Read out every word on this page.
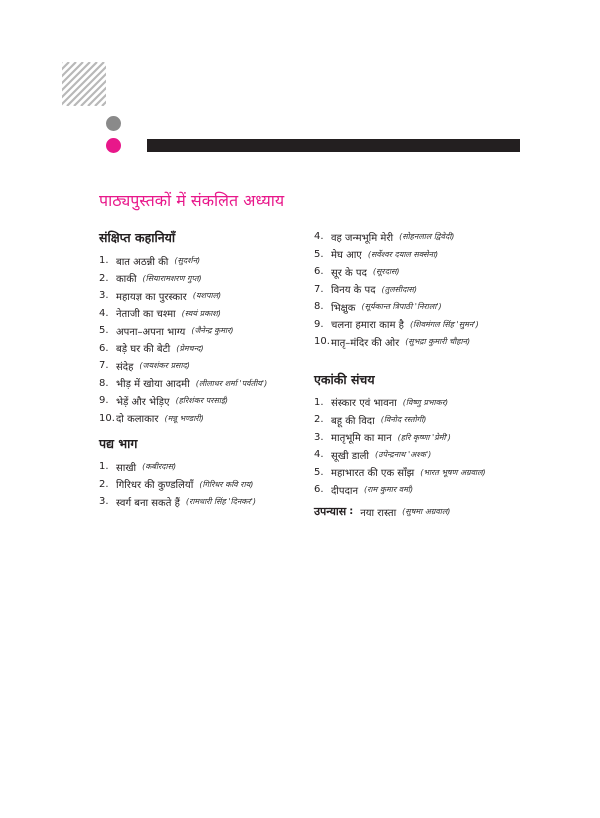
पाठ्यपुस्तकों में संकलित अध्याय
संक्षिप्त कहानियाँ
1. बात अठन्नी की (सुदर्शन)
2. काकी (सियारामशरण गुप्त)
3. महायज्ञ का पुरस्कार (यशपाल)
4. नेताजी का चश्मा (स्वयं प्रकाश)
5. अपना–अपना भाग्य (जैनेन्द्र कुमार)
6. बड़े घर की बेटी (प्रेमचन्द)
7. संदेह (जयशंकर प्रसाद)
8. भीड़ में खोया आदमी (लीलाधर शर्मा 'पर्वतीय')
9. भेड़ें और भेड़िए (हरिशंकर परसाई)
10. दो कलाकार (मन्नू भण्डारी)
पद्य भाग
1. साखी (कबीरदास)
2. गिरिधर की कुण्डलियाँ (गिरिधर कवि राय)
3. स्वर्ग बना सकते हैं (रामधारी सिंह 'दिनकर')
4. वह जन्मभूमि मेरी (सोहनलाल द्विवेदी)
5. मेघ आए (सर्वेश्वर दयाल सक्सेना)
6. सूर के पद (सूरदास)
7. विनय के पद (तुलसीदास)
8. भिक्षुक (सूर्यकान्त त्रिपाठी 'निराला')
9. चलना हमारा काम है (शिवमंगल सिंह 'सुमन')
10. मातृ–मंदिर की ओर (सुभद्रा कुमारी चौहान)
एकांकी संचय
1. संस्कार एवं भावना (विष्णु प्रभाकर)
2. बहू की विदा (विनोद रस्तोगी)
3. मातृभूमि का मान (हरि कृष्णा 'प्रेमी')
4. सूखी डाली (उपेन्द्रनाथ 'अश्क')
5. महाभारत की एक साँझ (भारत भूषण अग्रवाल)
6. दीपदान (राम कुमार वर्मा)
उपन्यास : नया रास्ता (सुषमा अग्रवाल)
